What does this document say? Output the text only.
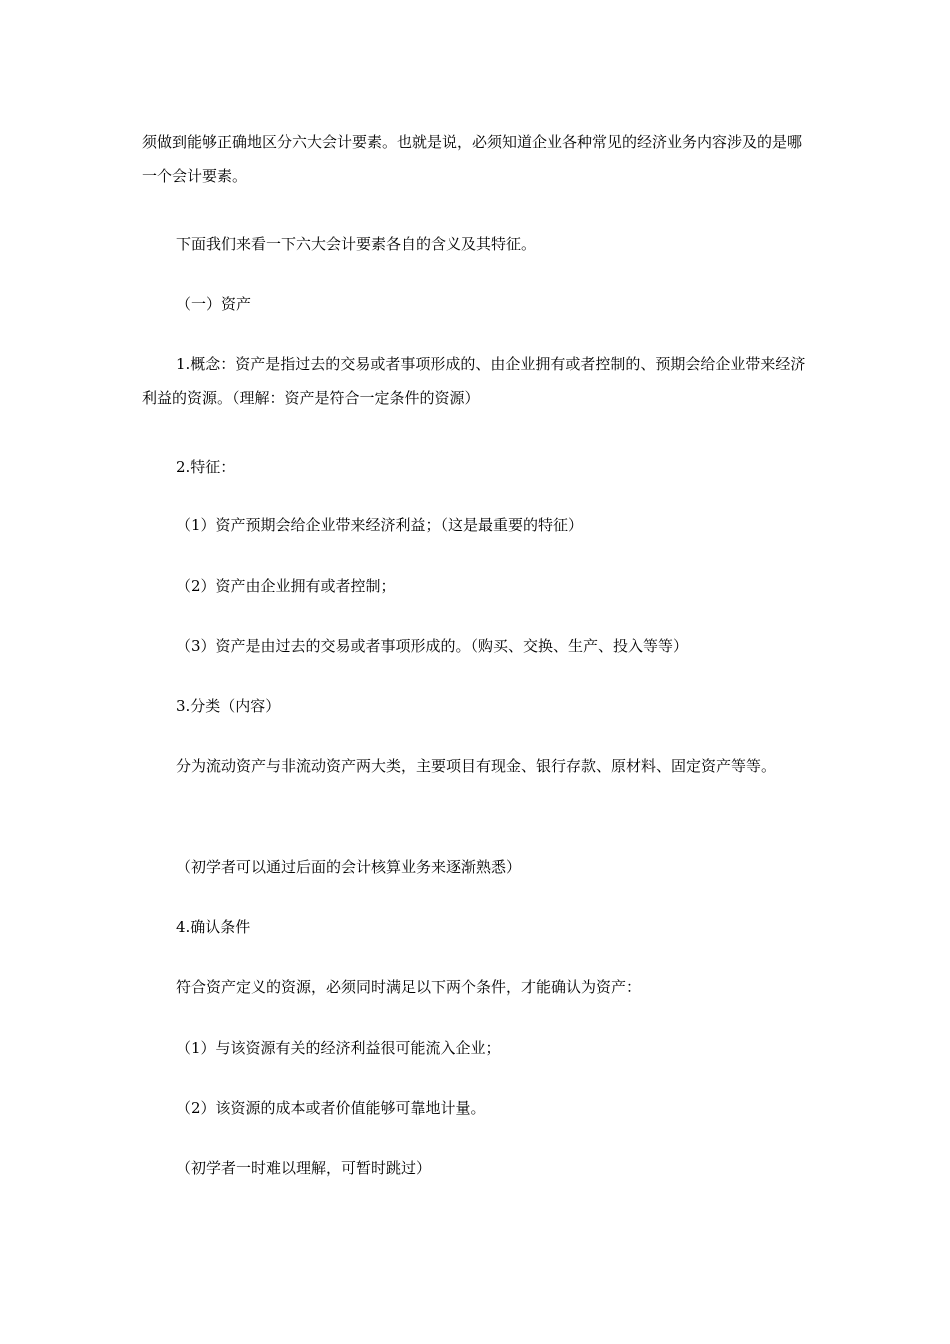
须做到能够正确地区分六大会计要素。也就是说，必须知道企业各种常见的经济业务内容涉及的是哪一个会计要素。
下面我们来看一下六大会计要素各自的含义及其特征。
（一）资产
1.概念：资产是指过去的交易或者事项形成的、由企业拥有或者控制的、预期会给企业带来经济利益的资源。（理解：资产是符合一定条件的资源）
2.特征：
（1）资产预期会给企业带来经济利益；（这是最重要的特征）
（2）资产由企业拥有或者控制；
（3）资产是由过去的交易或者事项形成的。（购买、交换、生产、投入等等）
3.分类（内容）
分为流动资产与非流动资产两大类，主要项目有现金、银行存款、原材料、固定资产等等。
（初学者可以通过后面的会计核算业务来逐渐熟悉）
4.确认条件
符合资产定义的资源，必须同时满足以下两个条件，才能确认为资产：
（1）与该资源有关的经济利益很可能流入企业；
（2）该资源的成本或者价值能够可靠地计量。
（初学者一时难以理解，可暂时跳过）
